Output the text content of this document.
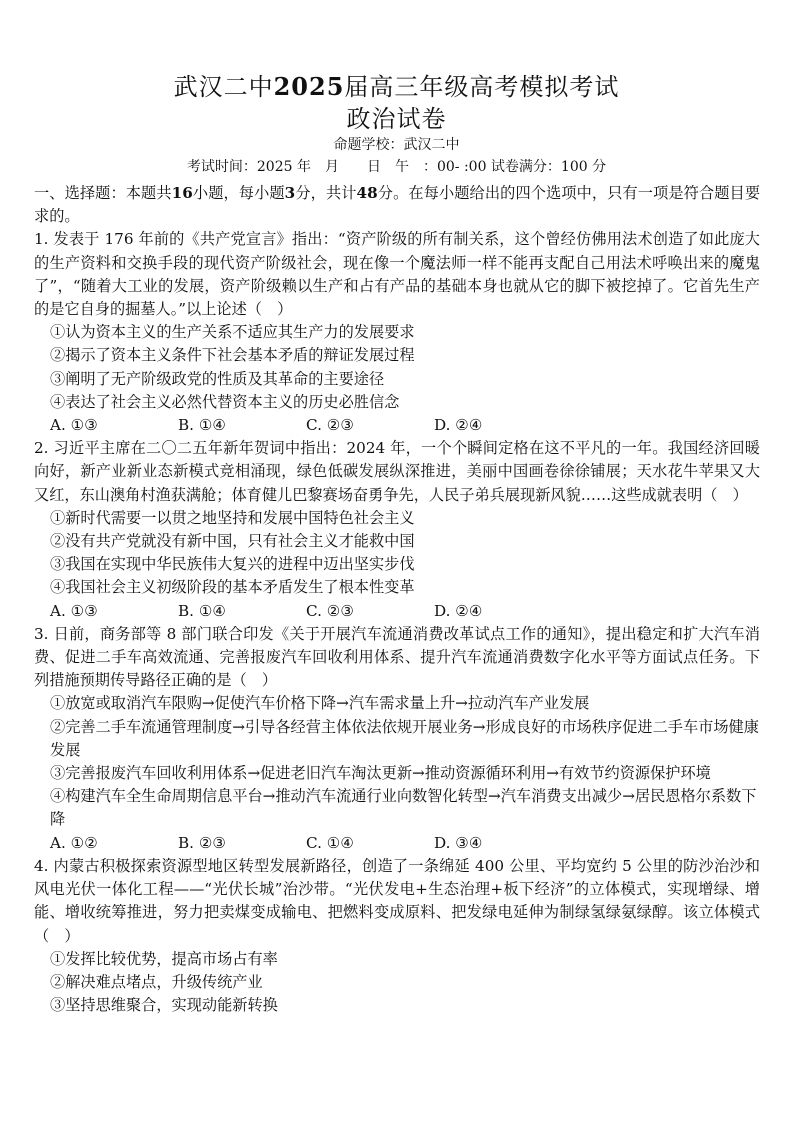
武汉二中2025届高三年级高考模拟考试
政治试卷
命题学校：武汉二中
考试时间：2025 年　月　　日　午　：00- :00 试卷满分：100 分
一、选择题：本题共16小题，每小题3分，共计48分。在每小题给出的四个选项中，只有一项是符合题目要求的。
1. 发表于 176 年前的《共产党宣言》指出：“资产阶级的所有制关系，这个曾经仿佛用法术创造了如此庞大的生产资料和交换手段的现代资产阶级社会，现在像一个魔法师一样不能再支配自己用法术呼唤出来的魔鬼了”，“随着大工业的发展，资产阶级赖以生产和占有产品的基础本身也就从它的脚下被挖掉了。它首先生产的是它自身的掘墓人。”以上论述（　）
①认为资本主义的生产关系不适应其生产力的发展要求
②揭示了资本主义条件下社会基本矛盾的辩证发展过程
③阐明了无产阶级政党的性质及其革命的主要途径
④表达了社会主义必然代替资本主义的历史必胜信念
A. ①③	B. ①④	C. ②③	D. ②④
2. 习近平主席在二〇二五年新年贺词中指出：2024 年，一个个瞬间定格在这不平凡的一年。我国经济回暖向好，新产业新业态新模式竞相涌现，绿色低碳发展纵深推进，美丽中国画卷徐徐铺展；天水花牛苹果又大又红，东山澳角村渔获满舱；体育健儿巴黎赛场奋勇争先，人民子弟兵展现新风貌……这些成就表明（　）
①新时代需要一以贯之地坚持和发展中国特色社会主义
②没有共产党就没有新中国，只有社会主义才能救中国
③我国在实现中华民族伟大复兴的进程中迈出坚实步伐
④我国社会主义初级阶段的基本矛盾发生了根本性变革
A. ①③	B. ①④	C. ②③	D. ②④
3. 日前，商务部等 8 部门联合印发《关于开展汽车流通消费改革试点工作的通知》，提出稳定和扩大汽车消费、促进二手车高效流通、完善报废汽车回收利用体系、提升汽车流通消费数字化水平等方面试点任务。下列措施预期传导路径正确的是（　）
①放宽或取消汽车限购→促使汽车价格下降→汽车需求量上升→拉动汽车产业发展
②完善二手车流通管理制度→引导各经营主体依法依规开展业务→形成良好的市场秩序促进二手车市场健康发展
③完善报废汽车回收利用体系→促进老旧汽车淘汰更新→推动资源循环利用→有效节约资源保护环境
④构建汽车全生命周期信息平台→推动汽车流通行业向数智化转型→汽车消费支出减少→居民恩格尔系数下降
A. ①②	B. ②③	C. ①④	D. ③④
4. 内蒙古积极探索资源型地区转型发展新路径，创造了一条绵延 400 公里、平均宽约 5 公里的防沙治沙和风电光伏一体化工程——“光伏长城”治沙带。“光伏发电+生态治理+板下经济”的立体模式，实现增绿、增能、增收统筹推进，努力把卖煤变成输电、把燃料变成原料、把发绿电延伸为制绿氢绿氨绿醇。该立体模式（　）
①发挥比较优势，提高市场占有率
②解决难点堵点，升级传统产业
③坚持思维聚合，实现动能新转换
